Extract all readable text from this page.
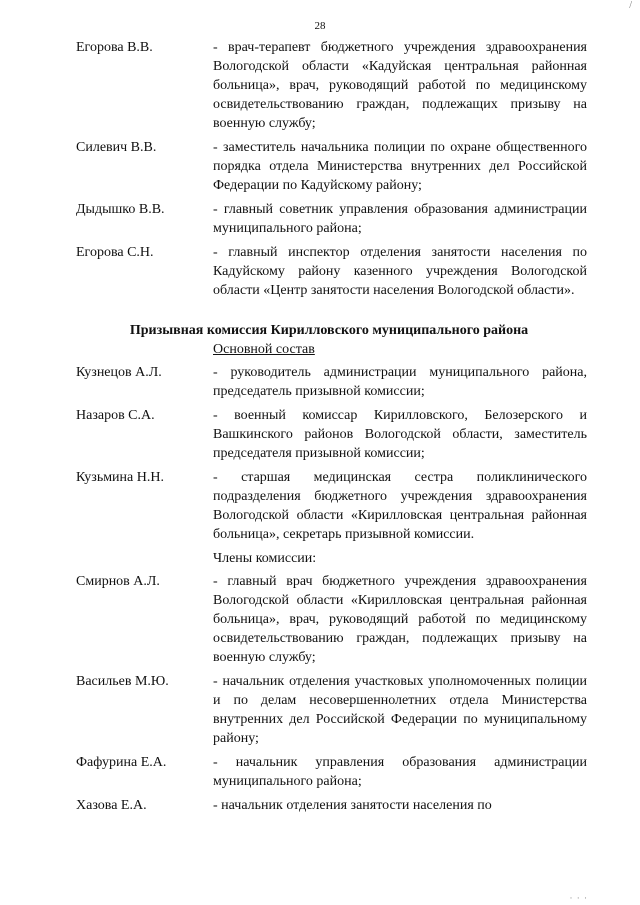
28
/
Егорова В.В.	- врач-терапевт бюджетного учреждения здравоохранения Вологодской области «Кадуйская центральная районная больница», врач, руководящий работой по медицинскому освидетельствованию граждан, подлежащих призыву на военную службу;
Силевич В.В.	- заместитель начальника полиции по охране общественного порядка отдела Министерства внутренних дел Российской Федерации по Кадуйскому району;
Дыдышко В.В.	- главный советник управления образования администрации муниципального района;
Егорова С.Н.	- главный инспектор отделения занятости населения по Кадуйскому району казенного учреждения Вологодской области «Центр занятости населения Вологодской области».
Призывная комиссия Кирилловского муниципального района
Основной состав
Кузнецов А.Л.	- руководитель администрации муниципального района, председатель призывной комиссии;
Назаров С.А.	- военный комиссар Кирилловского, Белозерского и Вашкинского районов Вологодской области, заместитель председателя призывной комиссии;
Кузьмина Н.Н.	- старшая медицинская сестра поликлинического подразделения бюджетного учреждения здравоохранения Вологодской области «Кирилловская центральная районная больница», секретарь призывной комиссии.
Члены комиссии:
Смирнов А.Л.	- главный врач бюджетного учреждения здравоохранения Вологодской области «Кирилловская центральная районная больница», врач, руководящий работой по медицинскому освидетельствованию граждан, подлежащих призыву на военную службу;
Васильев М.Ю.	- начальник отделения участковых уполномоченных полиции и по делам несовершеннолетних отдела Министерства внутренних дел Российской Федерации по муниципальному району;
Фафурина Е.А.	- начальник управления образования администрации муниципального района;
Хазова Е.А.	- начальник отделения занятости населения по
· · ·
